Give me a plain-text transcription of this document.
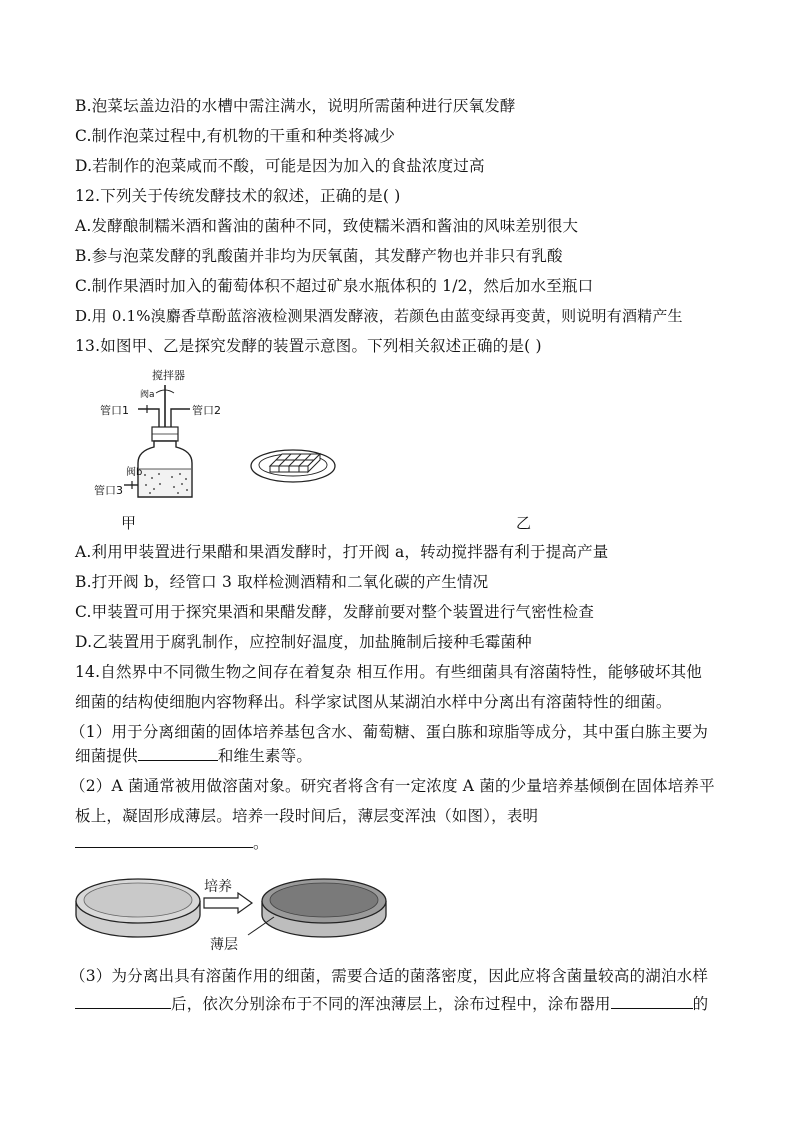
B.泡菜坛盖边沿的水槽中需注满水，说明所需菌种进行厌氧发酵
C.制作泡菜过程中,有机物的干重和种类将减少
D.若制作的泡菜咸而不酸，可能是因为加入的食盐浓度过高
12.下列关于传统发酵技术的叙述，正确的是( )
A.发酵酿制糯米酒和酱油的菌种不同，致使糯米酒和酱油的风味差别很大
B.参与泡菜发酵的乳酸菌并非均为厌氧菌，其发酵产物也并非只有乳酸
C.制作果酒时加入的葡萄体积不超过矿泉水瓶体积的 1/2，然后加水至瓶口
D.用 0.1%溴麝香草酚蓝溶液检测果酒发酵液，若颜色由蓝变绿再变黄，则说明有酒精产生
13.如图甲、乙是探究发酵的装置示意图。下列相关叙述正确的是( )
搅拌器
阀a
管口1	管口2
阀b
管口3
甲	乙
A.利用甲装置进行果醋和果酒发酵时，打开阀 a，转动搅拌器有利于提高产量
B.打开阀 b，经管口 3 取样检测酒精和二氧化碳的产生情况
C.甲装置可用于探究果酒和果醋发酵，发酵前要对整个装置进行气密性检查
D.乙装置用于腐乳制作，应控制好温度，加盐腌制后接种毛霉菌种
14.自然界中不同微生物之间存在着复杂 相互作用。有些细菌具有溶菌特性，能够破坏其他
细菌的结构使细胞内容物释出。科学家试图从某湖泊水样中分离出有溶菌特性的细菌。
（1）用于分离细菌的固体培养基包含水、葡萄糖、蛋白胨和琼脂等成分，其中蛋白胨主要为
细菌提供	和维生素等。
（2）A 菌通常被用做溶菌对象。研究者将含有一定浓度 A 菌的少量培养基倾倒在固体培养平
板上，凝固形成薄层。培养一段时间后，薄层变浑浊（如图），表明
。
培养
薄层
（3）为分离出具有溶菌作用的细菌，需要合适的菌落密度，因此应将含菌量较高的湖泊水样
后，依次分别涂布于不同的浑浊薄层上，涂布过程中，涂布器用	的
